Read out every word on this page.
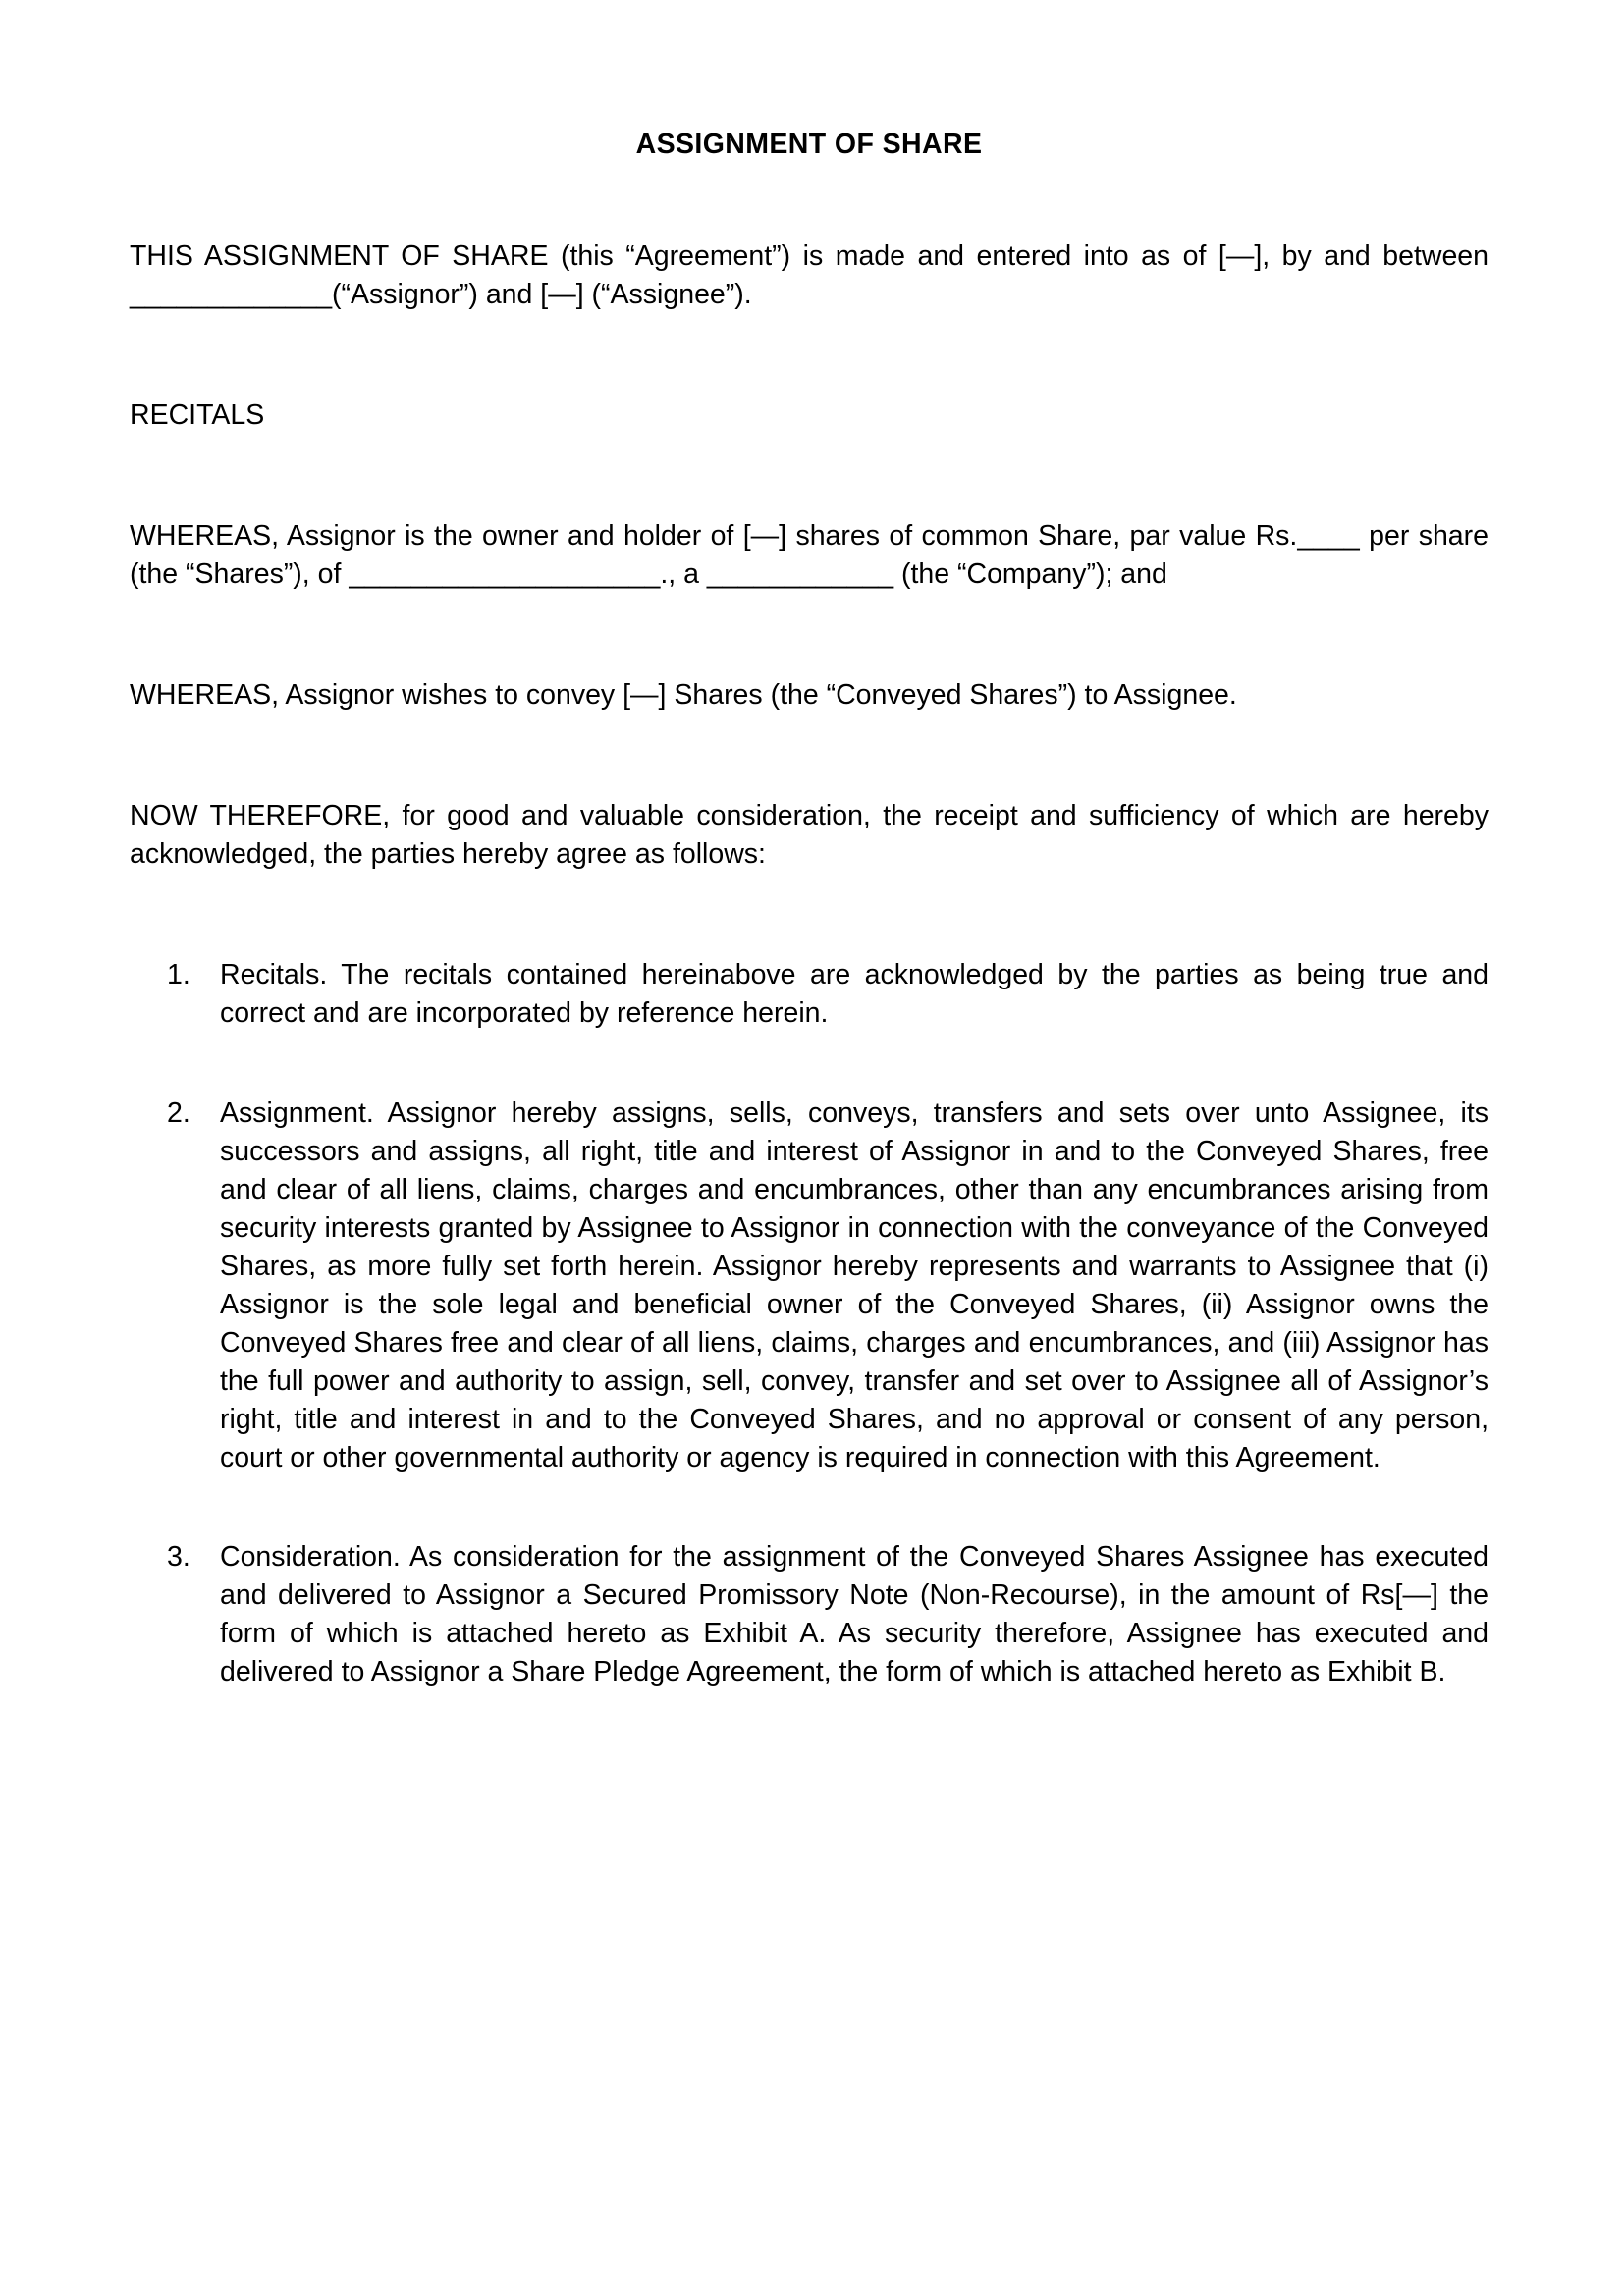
ASSIGNMENT OF SHARE

THIS ASSIGNMENT OF SHARE (this “Agreement”) is made and entered into as of [—], by and between _____________(“Assignor”) and [—] (“Assignee”).

RECITALS

WHEREAS, Assignor is the owner and holder of [—] shares of common Share, par value Rs.____ per share (the “Shares”), of ____________________., a ____________ (the “Company”); and

WHEREAS, Assignor wishes to convey [—] Shares (the “Conveyed Shares”) to Assignee.

NOW THEREFORE, for good and valuable consideration, the receipt and sufficiency of which are hereby acknowledged, the parties hereby agree as follows:

Recitals. The recitals contained hereinabove are acknowledged by the parties as being true and correct and are incorporated by reference herein.
Assignment. Assignor hereby assigns, sells, conveys, transfers and sets over unto Assignee, its successors and assigns, all right, title and interest of Assignor in and to the Conveyed Shares, free and clear of all liens, claims, charges and encumbrances, other than any encumbrances arising from security interests granted by Assignee to Assignor in connection with the conveyance of the Conveyed Shares, as more fully set forth herein. Assignor hereby represents and warrants to Assignee that (i) Assignor is the sole legal and beneficial owner of the Conveyed Shares, (ii) Assignor owns the Conveyed Shares free and clear of all liens, claims, charges and encumbrances, and (iii) Assignor has the full power and authority to assign, sell, convey, transfer and set over to Assignee all of Assignor’s right, title and interest in and to the Conveyed Shares, and no approval or consent of any person, court or other governmental authority or agency is required in connection with this Agreement.
Consideration. As consideration for the assignment of the Conveyed Shares Assignee has executed and delivered to Assignor a Secured Promissory Note (Non-Recourse), in the amount of Rs[—] the form of which is attached hereto as Exhibit A. As security therefore, Assignee has executed and delivered to Assignor a Share Pledge Agreement, the form of which is attached hereto as Exhibit B.
